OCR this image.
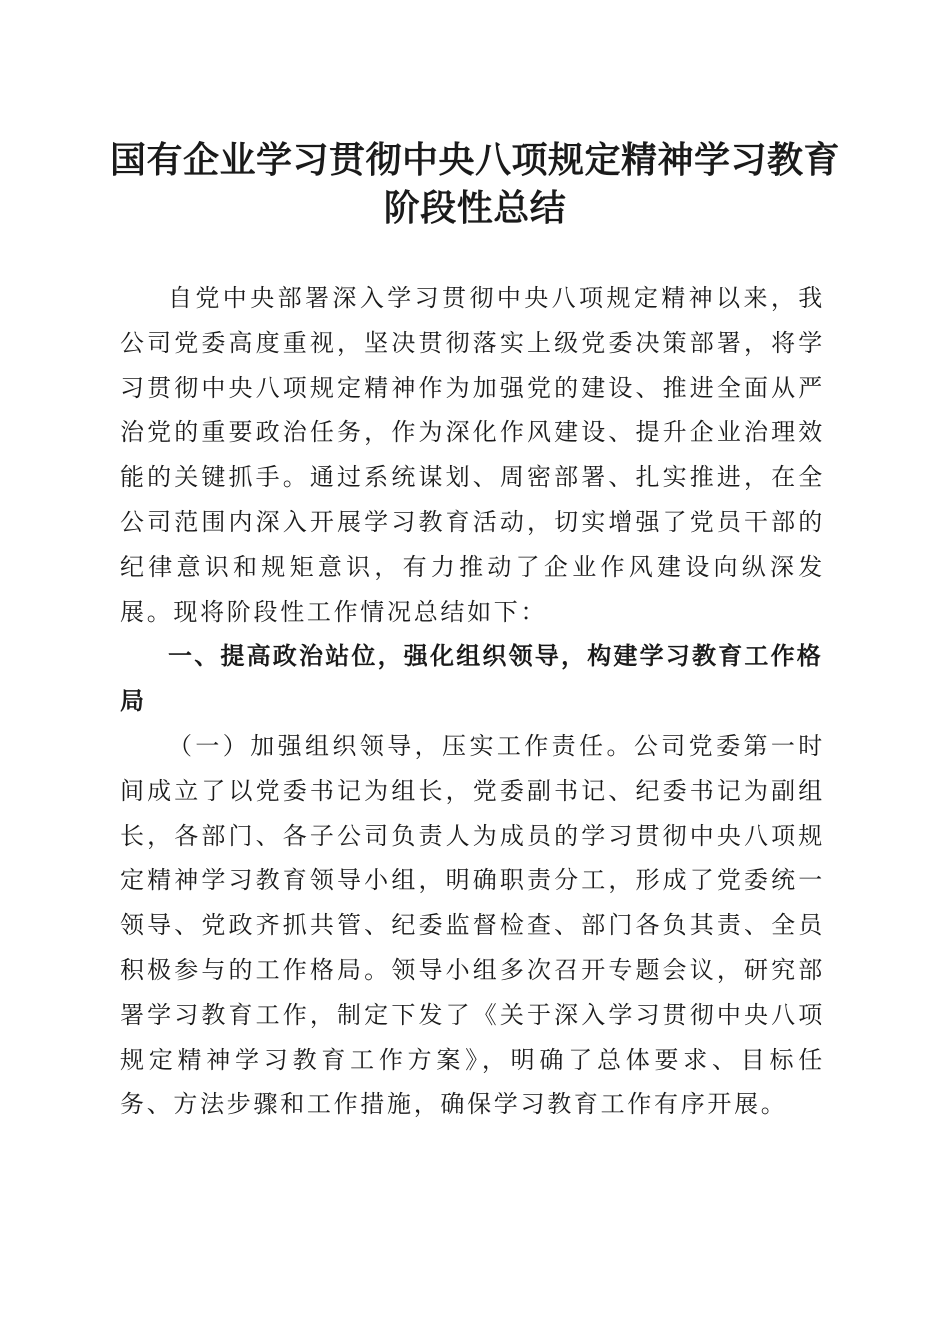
国有企业学习贯彻中央八项规定精神学习教育
阶段性总结

自党中央部署深入学习贯彻中央八项规定精神以来，我公司党委高度重视，坚决贯彻落实上级党委决策部署，将学习贯彻中央八项规定精神作为加强党的建设、推进全面从严治党的重要政治任务，作为深化作风建设、提升企业治理效能的关键抓手。通过系统谋划、周密部署、扎实推进，在全公司范围内深入开展学习教育活动，切实增强了党员干部的纪律意识和规矩意识，有力推动了企业作风建设向纵深发展。现将阶段性工作情况总结如下：

一、提高政治站位，强化组织领导，构建学习教育工作格局

（一）加强组织领导，压实工作责任。公司党委第一时间成立了以党委书记为组长，党委副书记、纪委书记为副组长，各部门、各子公司负责人为成员的学习贯彻中央八项规定精神学习教育领导小组，明确职责分工，形成了党委统一领导、党政齐抓共管、纪委监督检查、部门各负其责、全员积极参与的工作格局。领导小组多次召开专题会议，研究部署学习教育工作，制定下发了《关于深入学习贯彻中央八项规定精神学习教育工作方案》，明确了总体要求、目标任务、方法步骤和工作措施，确保学习教育工作有序开展。
